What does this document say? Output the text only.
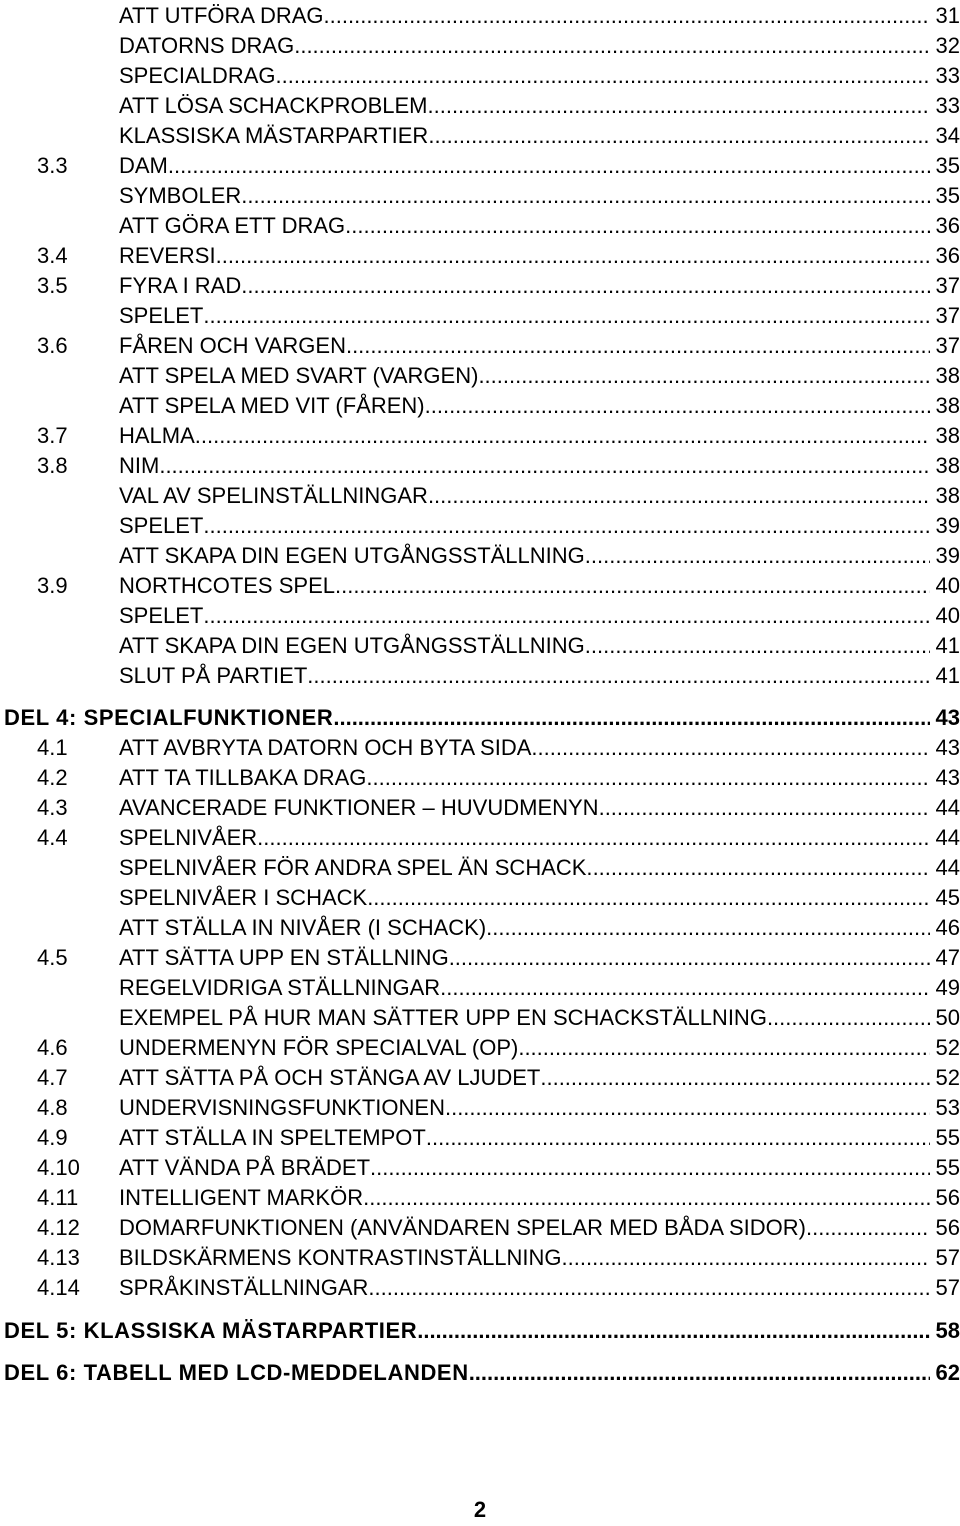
ATT UTFÖRA DRAG .....	31
DATORNS DRAG .....	32
SPECIALDRAG .....	33
ATT LÖSA SCHACKPROBLEM .....	33
KLASSISKA MÄSTARPARTIER .....	34
3.3 DAM .....	35
SYMBOLER .....	35
ATT GÖRA ETT DRAG .....	36
3.4 REVERSI .....	36
3.5 FYRA I RAD .....	37
SPELET .....	37
3.6 FÅREN OCH VARGEN .....	37
ATT SPELA MED SVART (VARGEN) .....	38
ATT SPELA MED VIT (FÅREN) .....	38
3.7 HALMA .....	38
3.8 NIM .....	38
VAL AV SPELINSTÄLLNINGAR .....	38
SPELET .....	39
ATT SKAPA DIN EGEN UTGÅNGSSTÄLLNING .....	39
3.9 NORTHCOTES SPEL .....	40
SPELET .....	40
ATT SKAPA DIN EGEN UTGÅNGSSTÄLLNING .....	41
SLUT PÅ PARTIET .....	41
DEL 4: SPECIALFUNKTIONER .....	43
4.1 ATT AVBRYTA DATORN OCH BYTA SIDA. .....	43
4.2 ATT TA TILLBAKA DRAG .....	43
4.3 AVANCERADE FUNKTIONER – HUVUDMENYN .....	44
4.4 SPELNIVÅER .....	44
SPELNIVÅER FÖR ANDRA SPEL ÄN SCHACK. .....	44
SPELNIVÅER I SCHACK .....	45
ATT STÄLLA IN NIVÅER (I SCHACK) .....	46
4.5 ATT SÄTTA UPP EN STÄLLNING .....	47
REGELVIDRIGA STÄLLNINGAR .....	49
EXEMPEL PÅ HUR MAN SÄTTER UPP EN SCHACKSTÄLLNING .....	50
4.6 UNDERMENYN FÖR SPECIALVAL (OP) .....	52
4.7 ATT SÄTTA PÅ OCH STÄNGA AV LJUDET .....	52
4.8 UNDERVISNINGSFUNKTIONEN .....	53
4.9 ATT STÄLLA IN SPELTEMPOT .....	55
4.10 ATT VÄNDA PÅ BRÄDET .....	55
4.11 INTELLIGENT MARKÖR .....	56
4.12 DOMARFUNKTIONEN (ANVÄNDAREN SPELAR MED BÅDA SIDOR) .....	56
4.13 BILDSKÄRMENS KONTRASTINSTÄLLNING .....	57
4.14 SPRÅKINSTÄLLNINGAR .....	57
DEL 5: KLASSISKA MÄSTARPARTIER .....	58
DEL 6: TABELL MED LCD-MEDDELANDEN .....	62
2
